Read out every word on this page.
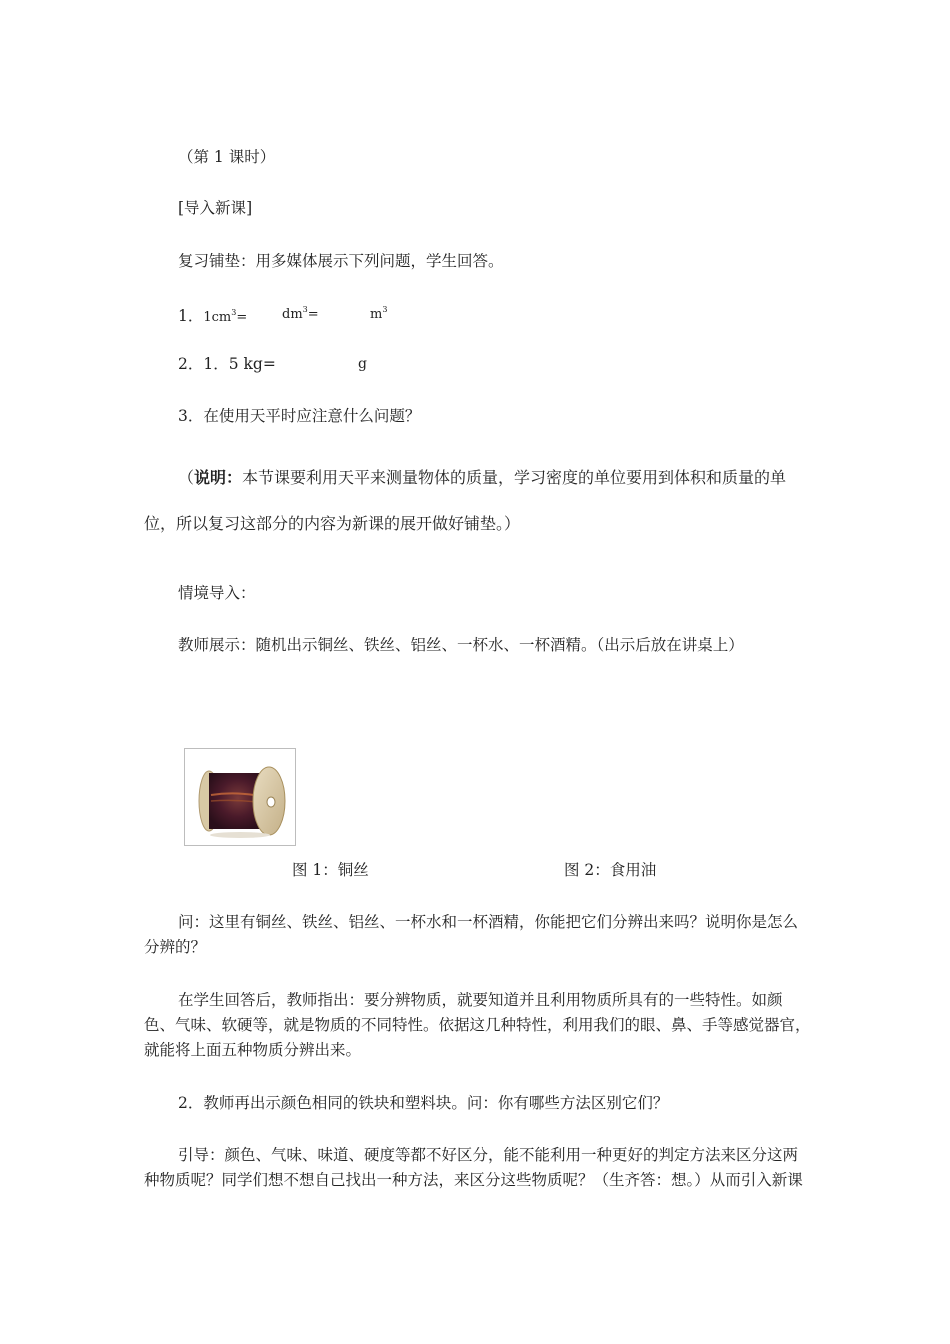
（第 1 课时）
[导入新课]
复习铺垫：用多媒体展示下列问题，学生回答。
1．$1cm^3=$	$dm^3=$	$m^3$
2．1．5 kg=	g
3．在使用天平时应注意什么问题？
（说明：本节课要利用天平来测量物体的质量，学习密度的单位要用到体积和质量的单
位，所以复习这部分的内容为新课的展开做好铺垫。）
情境导入：
教师展示：随机出示铜丝、铁丝、铝丝、一杯水、一杯酒精。（出示后放在讲桌上）
图 1：铜丝	图 2：食用油
问：这里有铜丝、铁丝、铝丝、一杯水和一杯酒精，你能把它们分辨出来吗？说明你是怎么分辨的？
在学生回答后，教师指出：要分辨物质，就要知道并且利用物质所具有的一些特性。如颜色、气味、软硬等，就是物质的不同特性。依据这几种特性，利用我们的眼、鼻、手等感觉器官，就能将上面五种物质分辨出来。
2．教师再出示颜色相同的铁块和塑料块。问：你有哪些方法区别它们？
引导：颜色、气味、味道、硬度等都不好区分，能不能利用一种更好的判定方法来区分这两种物质呢？同学们想不想自己找出一种方法，来区分这些物质呢？（生齐答：想。）从而引入新课
